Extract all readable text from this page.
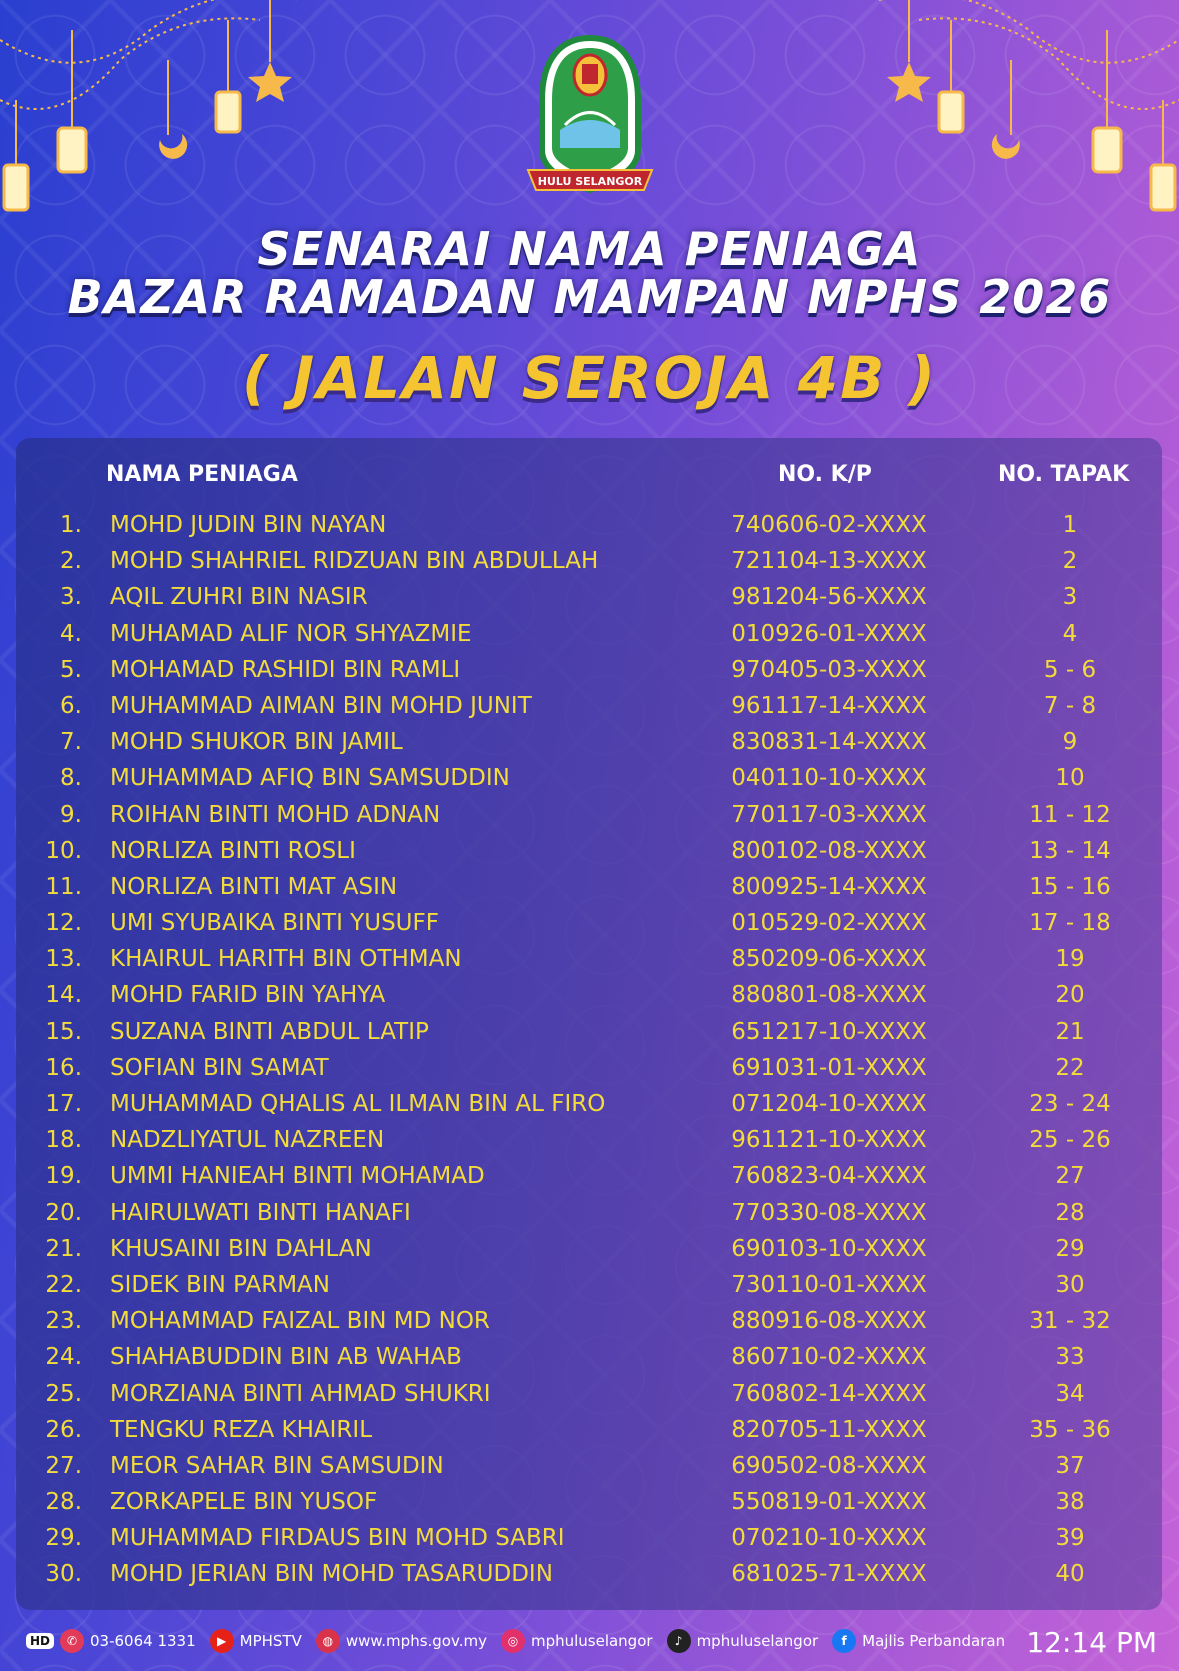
HULU SELANGOR
SENARAI NAMA PENIAGA
BAZAR RAMADAN MAMPAN MPHS 2026
( JALAN SEROJA 4B )
NAMA PENIAGA	NO. K/P	NO. TAPAK
1. MOHD JUDIN BIN NAYAN	740606-02-XXXX	1
2. MOHD SHAHRIEL RIDZUAN BIN ABDULLAH	721104-13-XXXX	2
3. AQIL ZUHRI BIN NASIR	981204-56-XXXX	3
4. MUHAMAD ALIF NOR SHYAZMIE	010926-01-XXXX	4
5. MOHAMAD RASHIDI BIN RAMLI	970405-03-XXXX	5 - 6
6. MUHAMMAD AIMAN BIN MOHD JUNIT	961117-14-XXXX	7 - 8
7. MOHD SHUKOR BIN JAMIL	830831-14-XXXX	9
8. MUHAMMAD AFIQ BIN SAMSUDDIN	040110-10-XXXX	10
9. ROIHAN BINTI MOHD ADNAN	770117-03-XXXX	11 - 12
10. NORLIZA BINTI ROSLI	800102-08-XXXX	13 - 14
11. NORLIZA BINTI MAT ASIN	800925-14-XXXX	15 - 16
12. UMI SYUBAIKA BINTI YUSUFF	010529-02-XXXX	17 - 18
13. KHAIRUL HARITH BIN OTHMAN	850209-06-XXXX	19
14. MOHD FARID BIN YAHYA	880801-08-XXXX	20
15. SUZANA BINTI ABDUL LATIP	651217-10-XXXX	21
16. SOFIAN BIN SAMAT	691031-01-XXXX	22
17. MUHAMMAD QHALIS AL ILMAN BIN AL FIRO	071204-10-XXXX	23 - 24
18. NADZLIYATUL NAZREEN	961121-10-XXXX	25 - 26
19. UMMI HANIEAH BINTI MOHAMAD	760823-04-XXXX	27
20. HAIRULWATI BINTI HANAFI	770330-08-XXXX	28
21. KHUSAINI BIN DAHLAN	690103-10-XXXX	29
22. SIDEK BIN PARMAN	730110-01-XXXX	30
23. MOHAMMAD FAIZAL BIN MD NOR	880916-08-XXXX	31 - 32
24. SHAHABUDDIN BIN AB WAHAB	860710-02-XXXX	33
25. MORZIANA BINTI AHMAD SHUKRI	760802-14-XXXX	34
26. TENGKU REZA KHAIRIL	820705-11-XXXX	35 - 36
27. MEOR SAHAR BIN SAMSUDIN	690502-08-XXXX	37
28. ZORKAPELE BIN YUSOF	550819-01-XXXX	38
29. MUHAMMAD FIRDAUS BIN MOHD SABRI	070210-10-XXXX	39
30. MOHD JERIAN BIN MOHD TASARUDDIN	681025-71-XXXX	40
HD	✆ 03-6064 1331	▶ MPHSTV	◍ www.mphs.gov.my	◎ mphuluselangor	♪ mphuluselangor	f	Majlis Perbandaran 12:14 PM
